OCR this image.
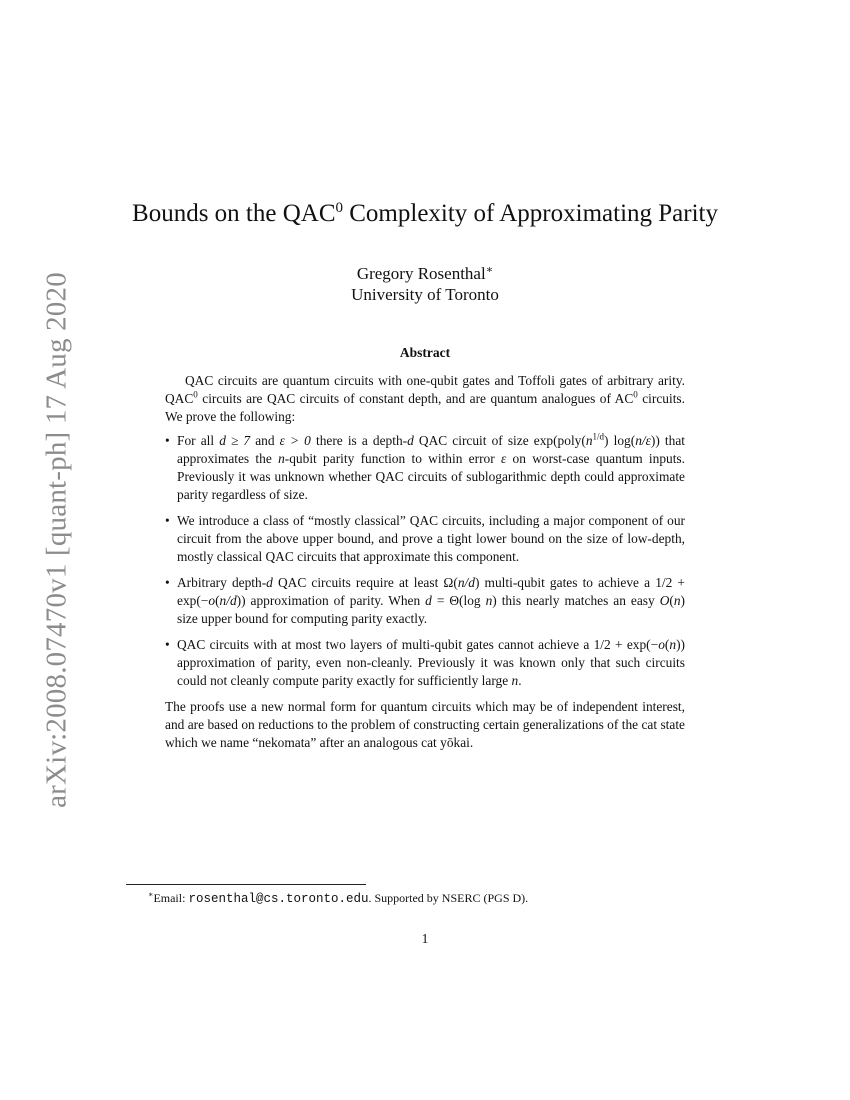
arXiv:2008.07470v1 [quant-ph] 17 Aug 2020
Bounds on the QAC$^0$ Complexity of Approximating Parity
Gregory Rosenthal∗
University of Toronto
Abstract

QAC circuits are quantum circuits with one-qubit gates and Toffoli gates of arbitrary arity. QAC$^0$ circuits are QAC circuits of constant depth, and are quantum analogues of $AC^0$ circuits. We prove the following:

• For all d ≥ 7 and ε > 0 there is a depth-d QAC circuit of size $\exp(poly(n^{1/d})$ log(n/ε)) that approximates the n-qubit parity function to within error ε on worst-case quantum inputs. Previously it was unknown whether QAC circuits of sublogarithmic depth could approximate parity regardless of size.
• We introduce a class of “mostly classical” QAC circuits, including a major component of our circuit from the above upper bound, and prove a tight lower bound on the size of low-depth, mostly classical QAC circuits that approximate this component.
• Arbitrary depth-d QAC circuits require at least Ω(n/d) multi-qubit gates to achieve a 1/2 + exp(−o(n/d)) approximation of parity. When d = Θ(log n) this nearly matches an easy O(n) size upper bound for computing parity exactly.
• QAC circuits with at most two layers of multi-qubit gates cannot achieve a 1/2 + exp(−o(n)) approximation of parity, even non-cleanly. Previously it was known only that such circuits could not cleanly compute parity exactly for sufficiently large n.

The proofs use a new normal form for quantum circuits which may be of independent interest, and are based on reductions to the problem of constructing certain generalizations of the cat state which we name “nekomata” after an analogous cat yōkai.

∗Email: rosenthal@cs.toronto.edu. Supported by NSERC (PGS D).
1
